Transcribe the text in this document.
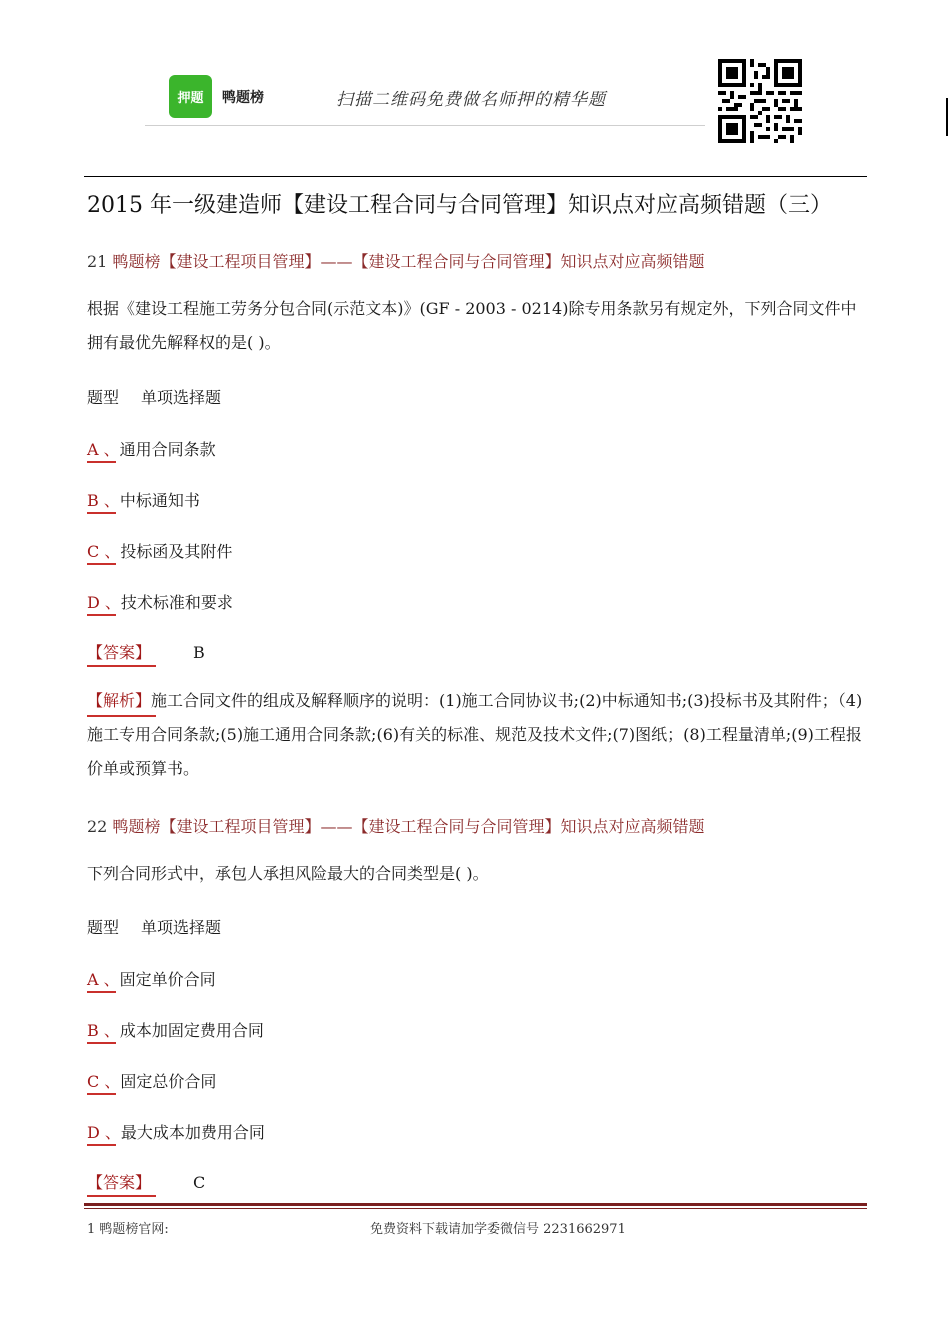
押题 鸭题榜	扫描二维码免费做名师押的精华题
2015 年一级建造师【建设工程合同与合同管理】知识点对应高频错题（三）
21 鸭题榜【建设工程项目管理】——【建设工程合同与合同管理】知识点对应高频错题
根据《建设工程施工劳务分包合同(示范文本)》(GF - 2003 - 0214)除专用条款另有规定外，下列合同文件中拥有最优先解释权的是( )。
题型 单项选择题
A 、通用合同条款
B 、中标通知书
C 、投标函及其附件
D 、技术标准和要求
【答案】	B
【解析】施工合同文件的组成及解释顺序的说明：(1)施工合同协议书;(2)中标通知书;(3)投标书及其附件；（4)施工专用合同条款;(5)施工通用合同条款;(6)有关的标准、规范及技术文件;(7)图纸；(8)工程量清单;(9)工程报价单或预算书。
22 鸭题榜【建设工程项目管理】——【建设工程合同与合同管理】知识点对应高频错题
下列合同形式中，承包人承担风险最大的合同类型是( )。
题型 单项选择题
A 、固定单价合同
B 、成本加固定费用合同
C 、固定总价合同
D 、最大成本加费用合同
【答案】	C
1 鸭题榜官网:	免费资料下载请加学委微信号 2231662971
